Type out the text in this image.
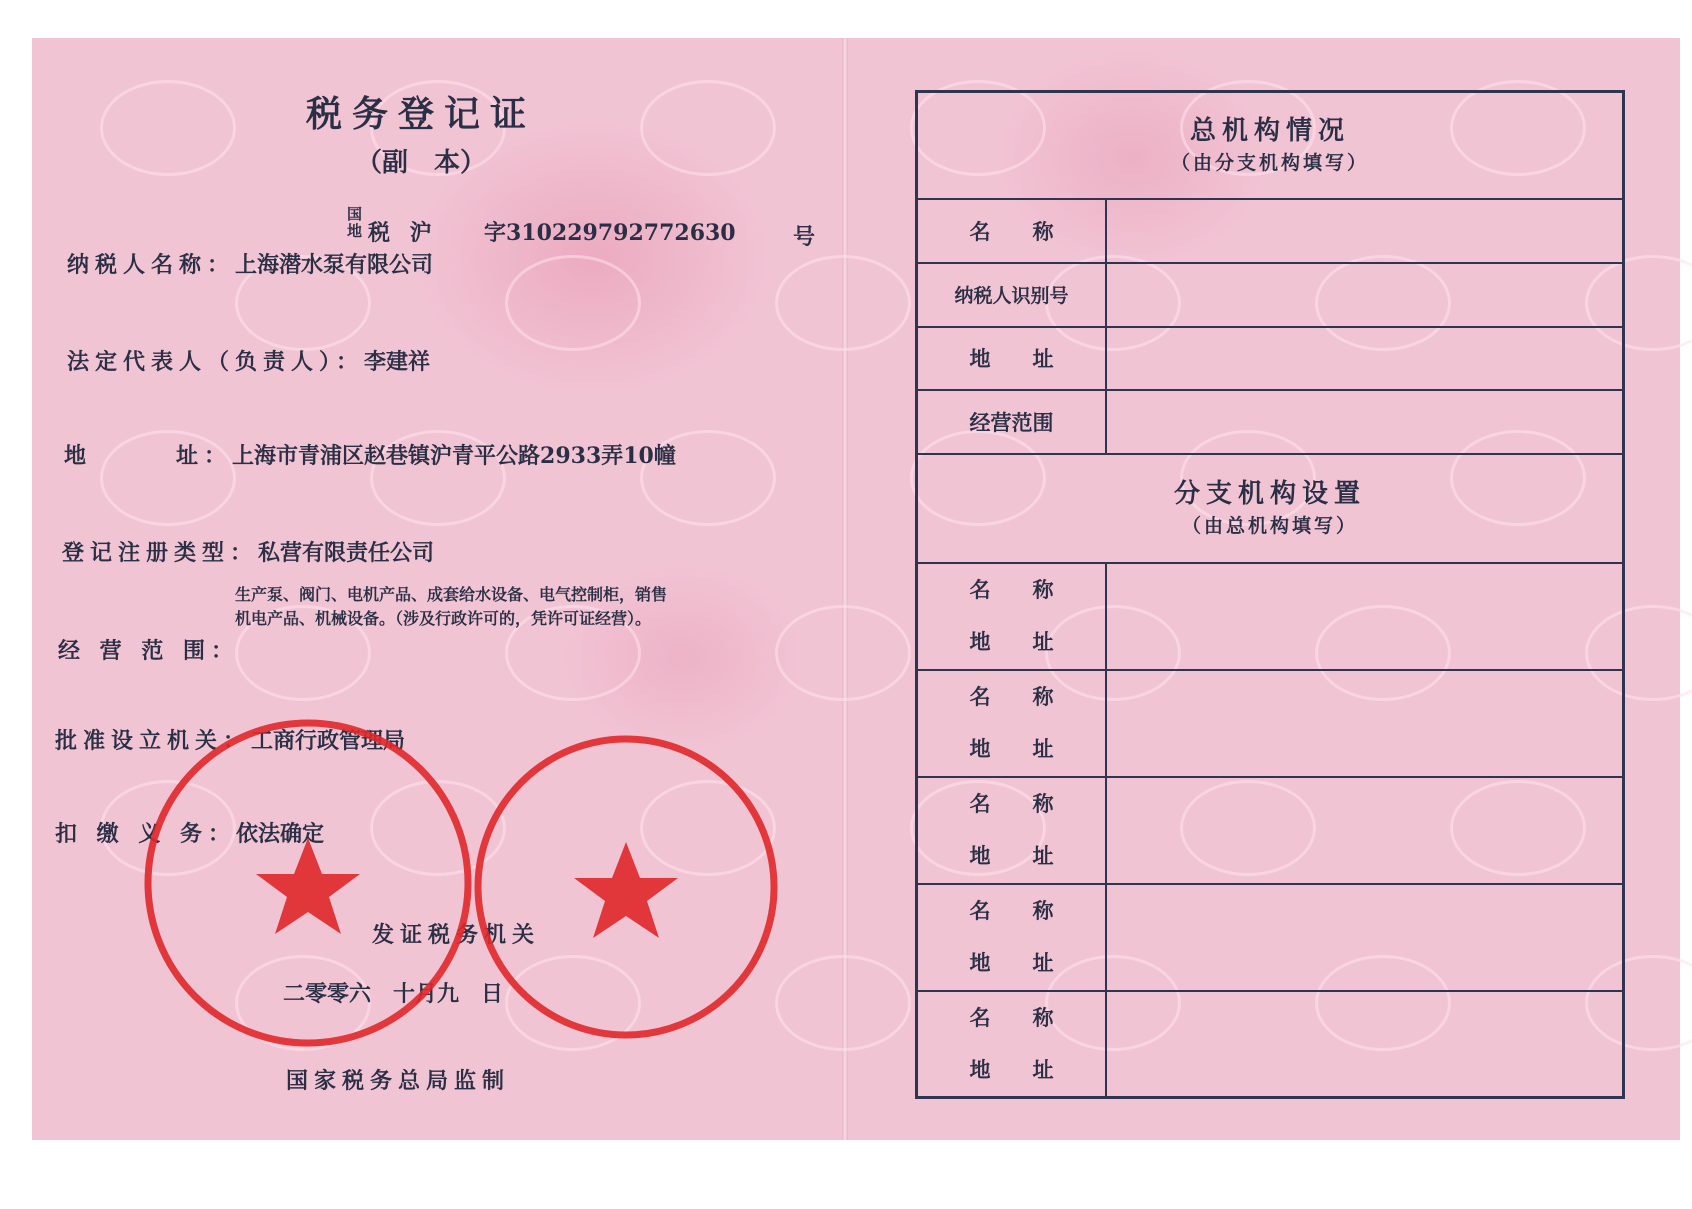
税务登记证
（副　本）
国
地 税 沪 字310229792772630	号
纳税人名称：上海潜水泵有限公司
法定代表人（负责人）：李建祥
地　　　址：上海市青浦区赵巷镇沪青平公路2933弄10幢
登记注册类型：私营有限责任公司
生产泵、阀门、电机产品、成套给水设备、电气控制柜，销售
机电产品、机械设备。（涉及行政许可的，凭许可证经营）。
经 营 范 围：
批准设立机关：工商行政管理局
扣 缴 义 务：依法确定
发证税务机关
二零零六　十月九　日
国家税务总局监制
总机构情况
（由分支机构填写）	

名　　称	
纳税人识别号	
地　　址	
经营范围	
分支机构设置
（由总机构填写）	

名　　称
地　　址	

名　　称
地　　址	

名　　称
地　　址	

名　　称
地　　址	

名　　称
地　　址	
